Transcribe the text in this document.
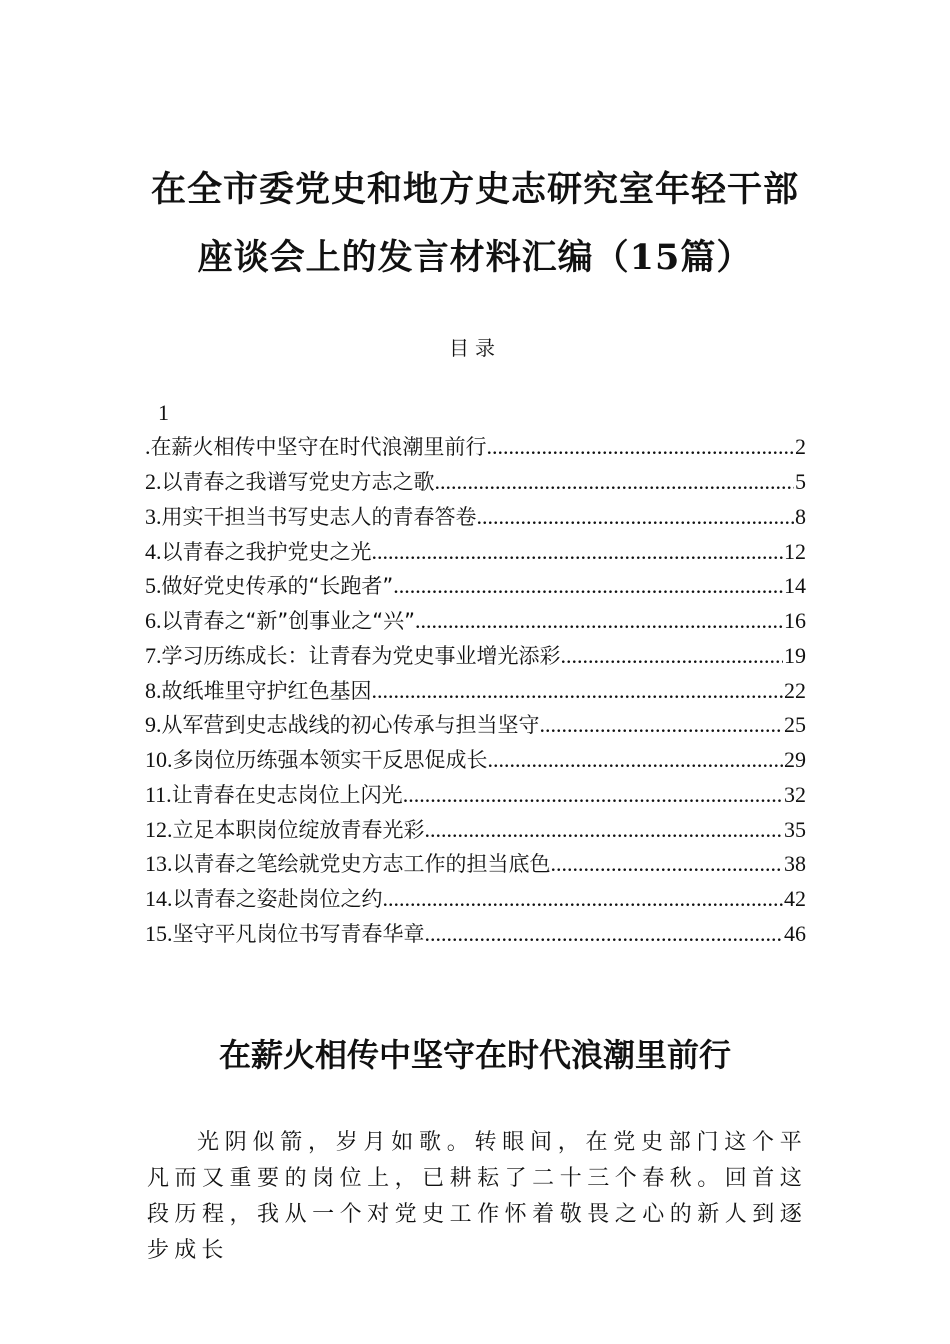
在全市委党史和地方史志研究室年轻干部
座谈会上的发言材料汇编（15篇）
目录
1
. 在薪火相传中坚守在时代浪潮里前行 .....	2
2. 以青春之我谱写党史方志之歌 .....	5
3. 用实干担当书写史志人的青春答卷 .....	8
4. 以青春之我护党史之光 .....	12
5. 做好党史传承的“长跑者” .....	14
6. 以青春之“新”创事业之“兴” .....	16
7. 学习历练成长：让青春为党史事业增光添彩 .....	19
8. 故纸堆里守护红色基因 .....	22
9. 从军营到史志战线的初心传承与担当坚守 .....	25
10. 多岗位历练强本领实干反思促成长 .....	29
11. 让青春在史志岗位上闪光 .....	32
12. 立足本职岗位绽放青春光彩 .....	35
13. 以青春之笔绘就党史方志工作的担当底色 .....	38
14. 以青春之姿赴岗位之约 .....	42
15. 坚守平凡岗位书写青春华章 .....	46
在薪火相传中坚守在时代浪潮里前行
光阴似箭，岁月如歌。转眼间，在党史部门这个平凡而又重要的岗位上，已耕耘了二十三个春秋。回首这段历程，我从一个对党史工作怀着敬畏之心的新人到逐步成长
